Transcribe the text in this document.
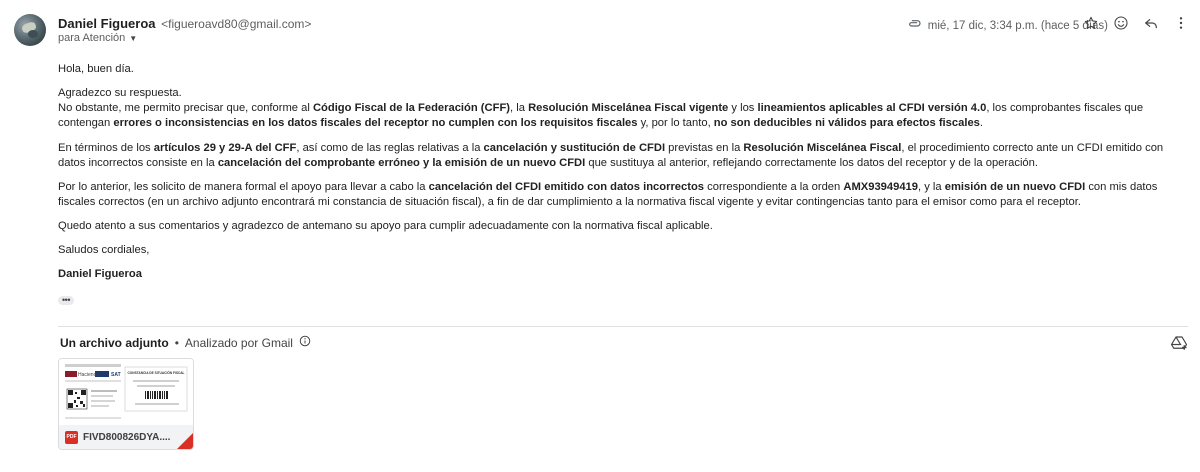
Daniel Figueroa <figueroavd80@gmail.com>
para Atención ▼
mié, 17 dic, 3:34 p.m. (hace 5 días)

Hola, buen día.

Agradezco su respuesta.
No obstante, me permito precisar que, conforme al Código Fiscal de la Federación (CFF), la Resolución Miscelánea Fiscal vigente y los lineamientos aplicables al CFDI versión 4.0, los comprobantes fiscales que contengan errores o inconsistencias en los datos fiscales del receptor no cumplen con los requisitos fiscales y, por lo tanto, no son deducibles ni válidos para efectos fiscales.

En términos de los artículos 29 y 29-A del CFF, así como de las reglas relativas a la cancelación y sustitución de CFDI previstas en la Resolución Miscelánea Fiscal, el procedimiento correcto ante un CFDI emitido con datos incorrectos consiste en la cancelación del comprobante erróneo y la emisión de un nuevo CFDI que sustituya al anterior, reflejando correctamente los datos del receptor y de la operación.

Por lo anterior, les solicito de manera formal el apoyo para llevar a cabo la cancelación del CFDI emitido con datos incorrectos correspondiente a la orden AMX93949419, y la emisión de un nuevo CFDI con mis datos fiscales correctos (en un archivo adjunto encontrará mi constancia de situación fiscal), a fin de dar cumplimiento a la normativa fiscal vigente y evitar contingencias tanto para el emisor como para el receptor.

Quedo atento a sus comentarios y agradezco de antemano su apoyo para cumplir adecuadamente con la normativa fiscal aplicable.

Saludos cordiales,

Daniel Figueroa

•••
Un archivo adjunto • Analizado por Gmail
Hacienda SAT CONSTANCIA DE SITUACIÓN FISCAL
PDF FIVD800826DYA....
